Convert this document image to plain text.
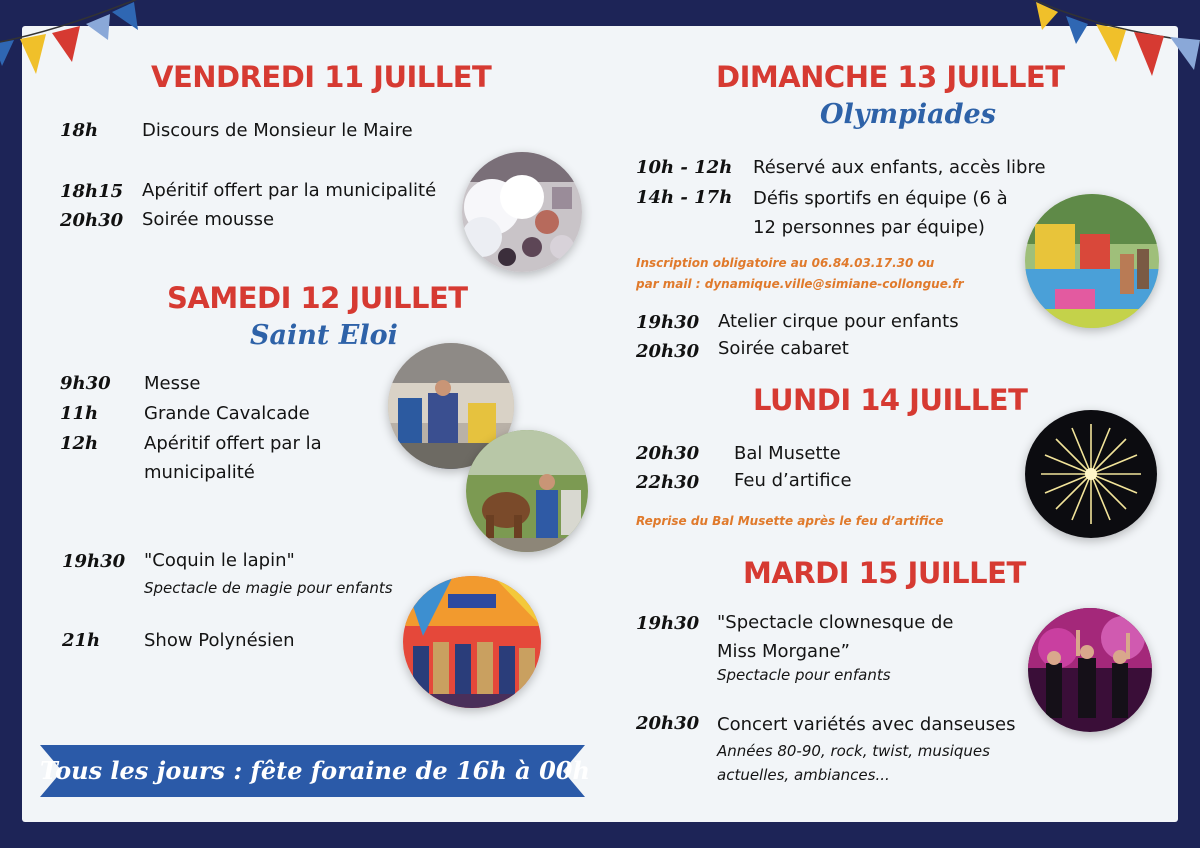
VENDREDI 11 JUILLET
18h Discours de Monsieur le Maire
18h15 Apéritif offert par la municipalité
20h30 Soirée mousse
SAMEDI 12 JUILLET
Saint Eloi
9h30 Messe
11h	Grande Cavalcade
12h	Apéritif offert par la municipalité
19h30 "Coquin le lapin"
Spectacle de magie pour enfants
21h Show Polynésien
Tous les jours : fête foraine de 16h à 00h
DIMANCHE 13 JUILLET
Olympiades
10h - 12h Réservé aux enfants, accès libre
14h - 17h Défis sportifs en équipe (6 à 12 personnes par équipe)
Inscription obligatoire au 06.84.03.17.30 ou
par mail : dynamique.ville@simiane-collongue.fr
19h30 Atelier cirque pour enfants
20h30 Soirée cabaret
LUNDI 14 JUILLET
20h30 Bal Musette
22h30 Feu d’artifice
Reprise du Bal Musette après le feu d’artifice
MARDI 15 JUILLET
19h30 "Spectacle clownesque de Miss Morgane”
Spectacle pour enfants
20h30 Concert variétés avec danseuses
Années 80-90, rock, twist, musiques actuelles, ambiances...
